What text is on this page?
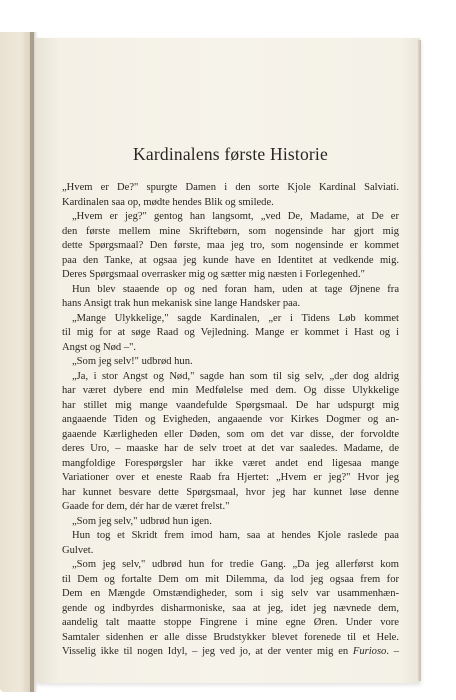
Kardinalens første Historie
„Hvem er De?" spurgte Damen i den sorte Kjole Kardinal Salviati.
Kardinalen saa op, mødte hendes Blik og smilede.
„Hvem er jeg?" gentog han langsomt, „ved De, Madame, at De er
den første mellem mine Skriftebørn, som nogensinde har gjort mig
dette Spørgsmaal? Den første, maa jeg tro, som nogensinde er kommet
paa den Tanke, at ogsaa jeg kunde have en Identitet at vedkende mig.
Deres Spørgsmaal overrasker mig og sætter mig næsten i Forlegenhed."
Hun blev staaende op og ned foran ham, uden at tage Øjnene fra
hans Ansigt trak hun mekanisk sine lange Handsker paa.
„Mange Ulykkelige," sagde Kardinalen, „er i Tidens Løb kommet
til mig for at søge Raad og Vejledning. Mange er kommet i Hast og i
Angst og Nød –".
„Som jeg selv!" udbrød hun.
„Ja, i stor Angst og Nød," sagde han som til sig selv, „der dog aldrig
har været dybere end min Medfølelse med dem. Og disse Ulykkelige
har stillet mig mange vaandefulde Spørgsmaal. De har udspurgt mig
angaaende Tiden og Evigheden, angaaende vor Kirkes Dogmer og an-
gaaende Kærligheden eller Døden, som om det var disse, der forvoldte
deres Uro, – maaske har de selv troet at det var saaledes. Madame, de
mangfoldige Forespørgsler har ikke været andet end ligesaa mange
Variationer over et eneste Raab fra Hjertet: „Hvem er jeg?" Hvor jeg
har kunnet besvare dette Spørgsmaal, hvor jeg har kunnet løse denne
Gaade for dem, dér har de været frelst."
„Som jeg selv," udbrød hun igen.
Hun tog et Skridt frem imod ham, saa at hendes Kjole raslede paa
Gulvet.
„Som jeg selv," udbrød hun for tredie Gang. „Da jeg allerførst kom
til Dem og fortalte Dem om mit Dilemma, da lod jeg ogsaa frem for
Dem en Mængde Omstændigheder, som i sig selv var usammenhæn-
gende og indbyrdes disharmoniske, saa at jeg, idet jeg nævnede dem,
aandelig talt maatte stoppe Fingrene i mine egne Øren. Under vore
Samtaler sidenhen er alle disse Brudstykker blevet forenede til et Hele.
Visselig ikke til nogen Idyl, – jeg ved jo, at der venter mig en Furioso. –
